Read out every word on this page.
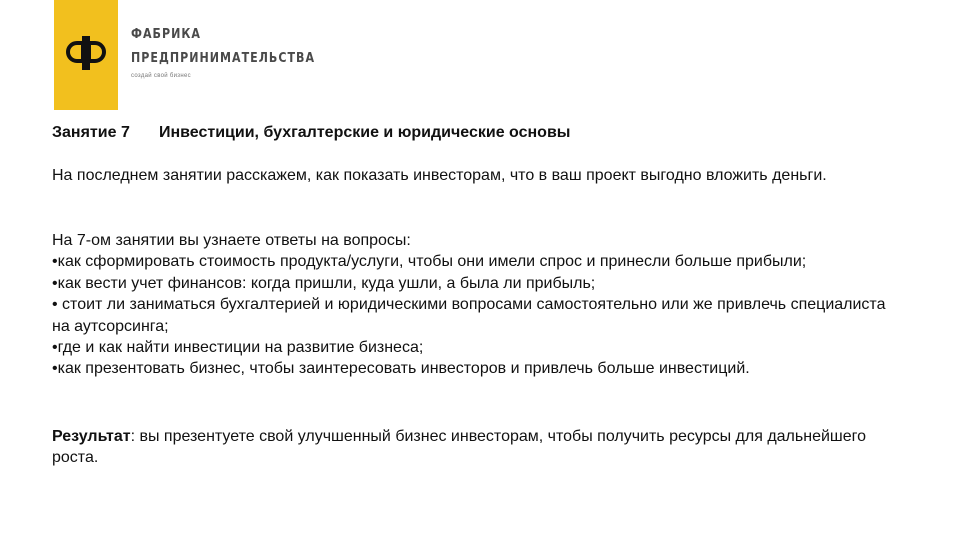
ФАБРИКА
ПРЕДПРИНИМАТЕЛЬСТВА
создай свой бизнес
Занятие 7 Инвестиции, бухгалтерские и юридические основы
На последнем занятии расскажем, как показать инвесторам, что в ваш проект выгодно вложить деньги.

На 7-ом занятии вы узнаете ответы на вопросы:

•как сформировать стоимость продукта/услуги, чтобы они имели спрос и принесли больше прибыли;

•как вести учет финансов: когда пришли, куда ушли, а была ли прибыль;

• стоит ли заниматься бухгалтерией и юридическими вопросами самостоятельно или же привлечь специалиста на аутсорсинга;

•где и как найти инвестиции на развитие бизнеса;

•как презентовать бизнес, чтобы заинтересовать инвесторов и привлечь больше инвестиций.

Результат: вы презентуете свой улучшенный бизнес инвесторам, чтобы получить ресурсы для дальнейшего роста.
